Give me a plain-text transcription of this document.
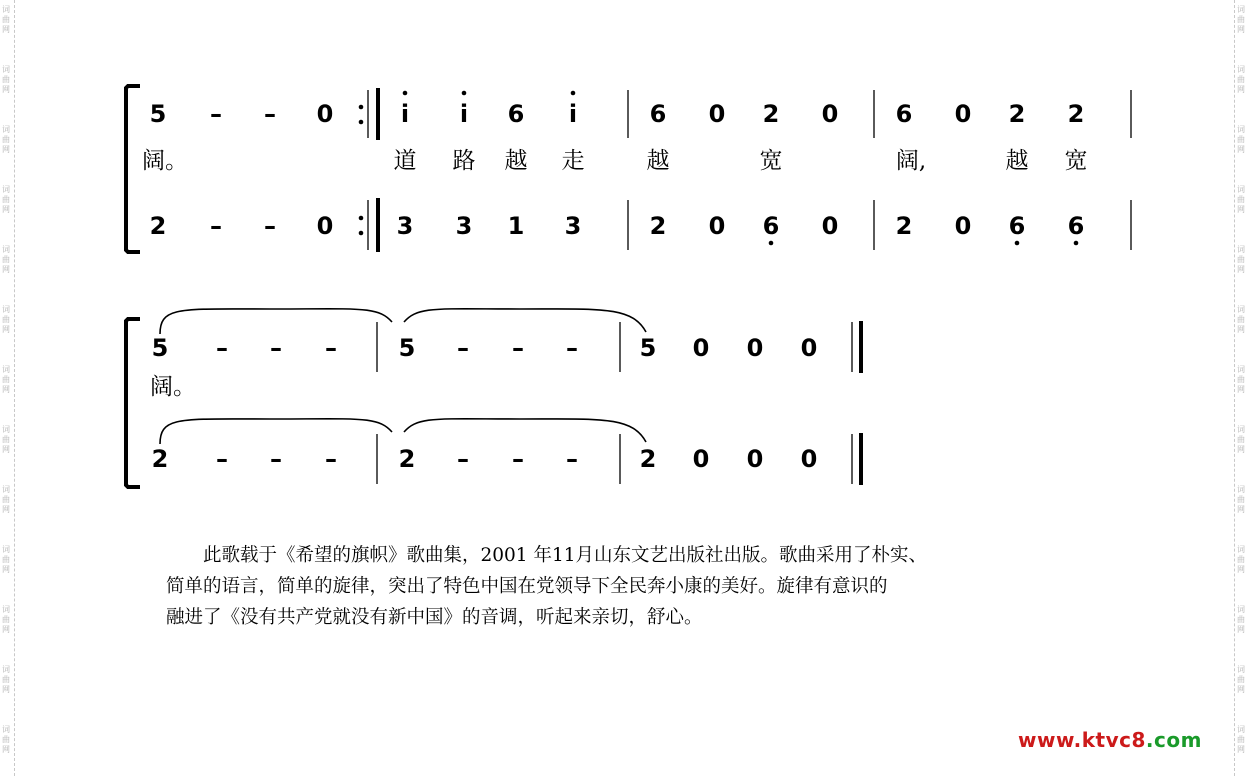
词
曲
网
词
曲
网
词
曲
网
词
曲
网
词
曲
网
词
曲
网
词
曲
网
词
曲
网
词
曲
网
词
曲
网
词
曲
网
词
曲
网
词
曲
网
词
曲
网
词
曲
网
词
曲
网
词
曲
网
词
曲
网
词
曲
网
词
曲
网
词
曲
网
词
曲
网
词
曲
网
词
曲
网
词
曲
网
词
曲
网
5 – – 0	i i 6 i	6 0 2 0 6 0 2 2
阔。	道 路 越 走	越	宽	阔,	越 宽
2 – – 0	3 3 1 3	2 0 6 0 2 0 6 6
5 – – –	5 – – –	5 0 0 0
阔。
2 – – –	2 – – –	2 0 0 0

此歌载于《希望的旗帜》歌曲集，2001 年11月山东文艺出版社出版。歌曲采用了朴实、

简单的语言，简单的旋律，突出了特色中国在党领导下全民奔小康的美好。旋律有意识的

融进了《没有共产党就没有新中国》的音调，听起来亲切，舒心。

www.ktvc8.com
